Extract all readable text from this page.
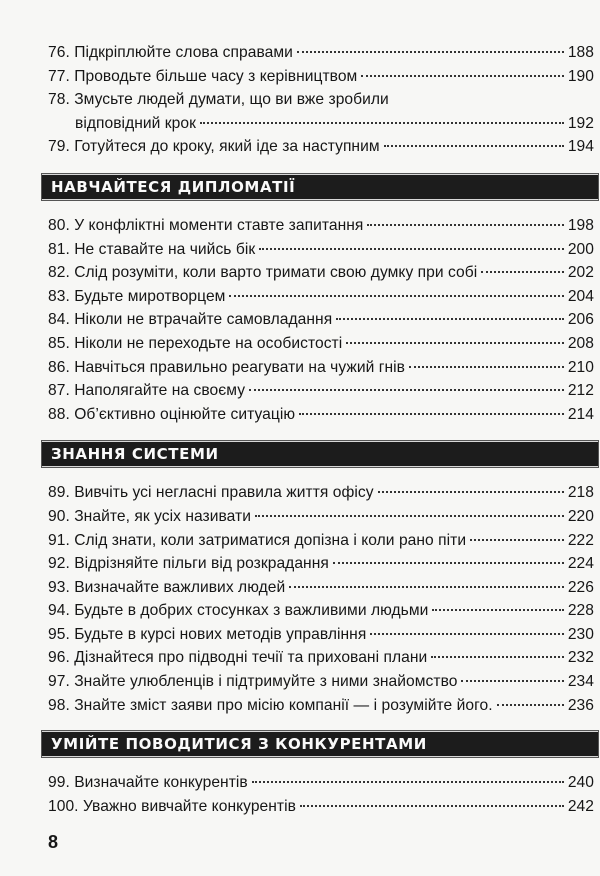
76. Підкріплюйте слова справами	188
77. Проводьте більше часу з керівництвом	190
78. Змусьте людей думати, що ви вже зробили
відповідний крок	192
79. Готуйтеся до кроку, який іде за наступним	194
НАВЧАЙТЕСЯ ДИПЛОМАТІЇ
80. У конфліктні моменти ставте запитання	198
81. Не ставайте на чийсь бік	200
82. Слід розуміти, коли варто тримати свою думку при собі	202
83. Будьте миротворцем	204
84. Ніколи не втрачайте самовладання	206
85. Ніколи не переходьте на особистості	208
86. Навчіться правильно реагувати на чужий гнів	210
87. Наполягайте на своєму	212
88. Об’єктивно оцінюйте ситуацію	214
ЗНАННЯ СИСТЕМИ
89. Вивчіть усі негласні правила життя офісу	218
90. Знайте, як усіх називати	220
91. Слід знати, коли затриматися допізна і коли рано піти	222
92. Відрізняйте пільги від розкрадання	224
93. Визначайте важливих людей	226
94. Будьте в добрих стосунках з важливими людьми	228
95. Будьте в курсі нових методів управління	230
96. Дізнайтеся про підводні течії та приховані плани	232
97. Знайте улюбленців і підтримуйте з ними знайомство	234
98. Знайте зміст заяви про місію компанії — і розумійте його.	236
УМІЙТЕ ПОВОДИТИСЯ З КОНКУРЕНТАМИ
99. Визначайте конкурентів	240
100. Уважно вивчайте конкурентів	242
8
